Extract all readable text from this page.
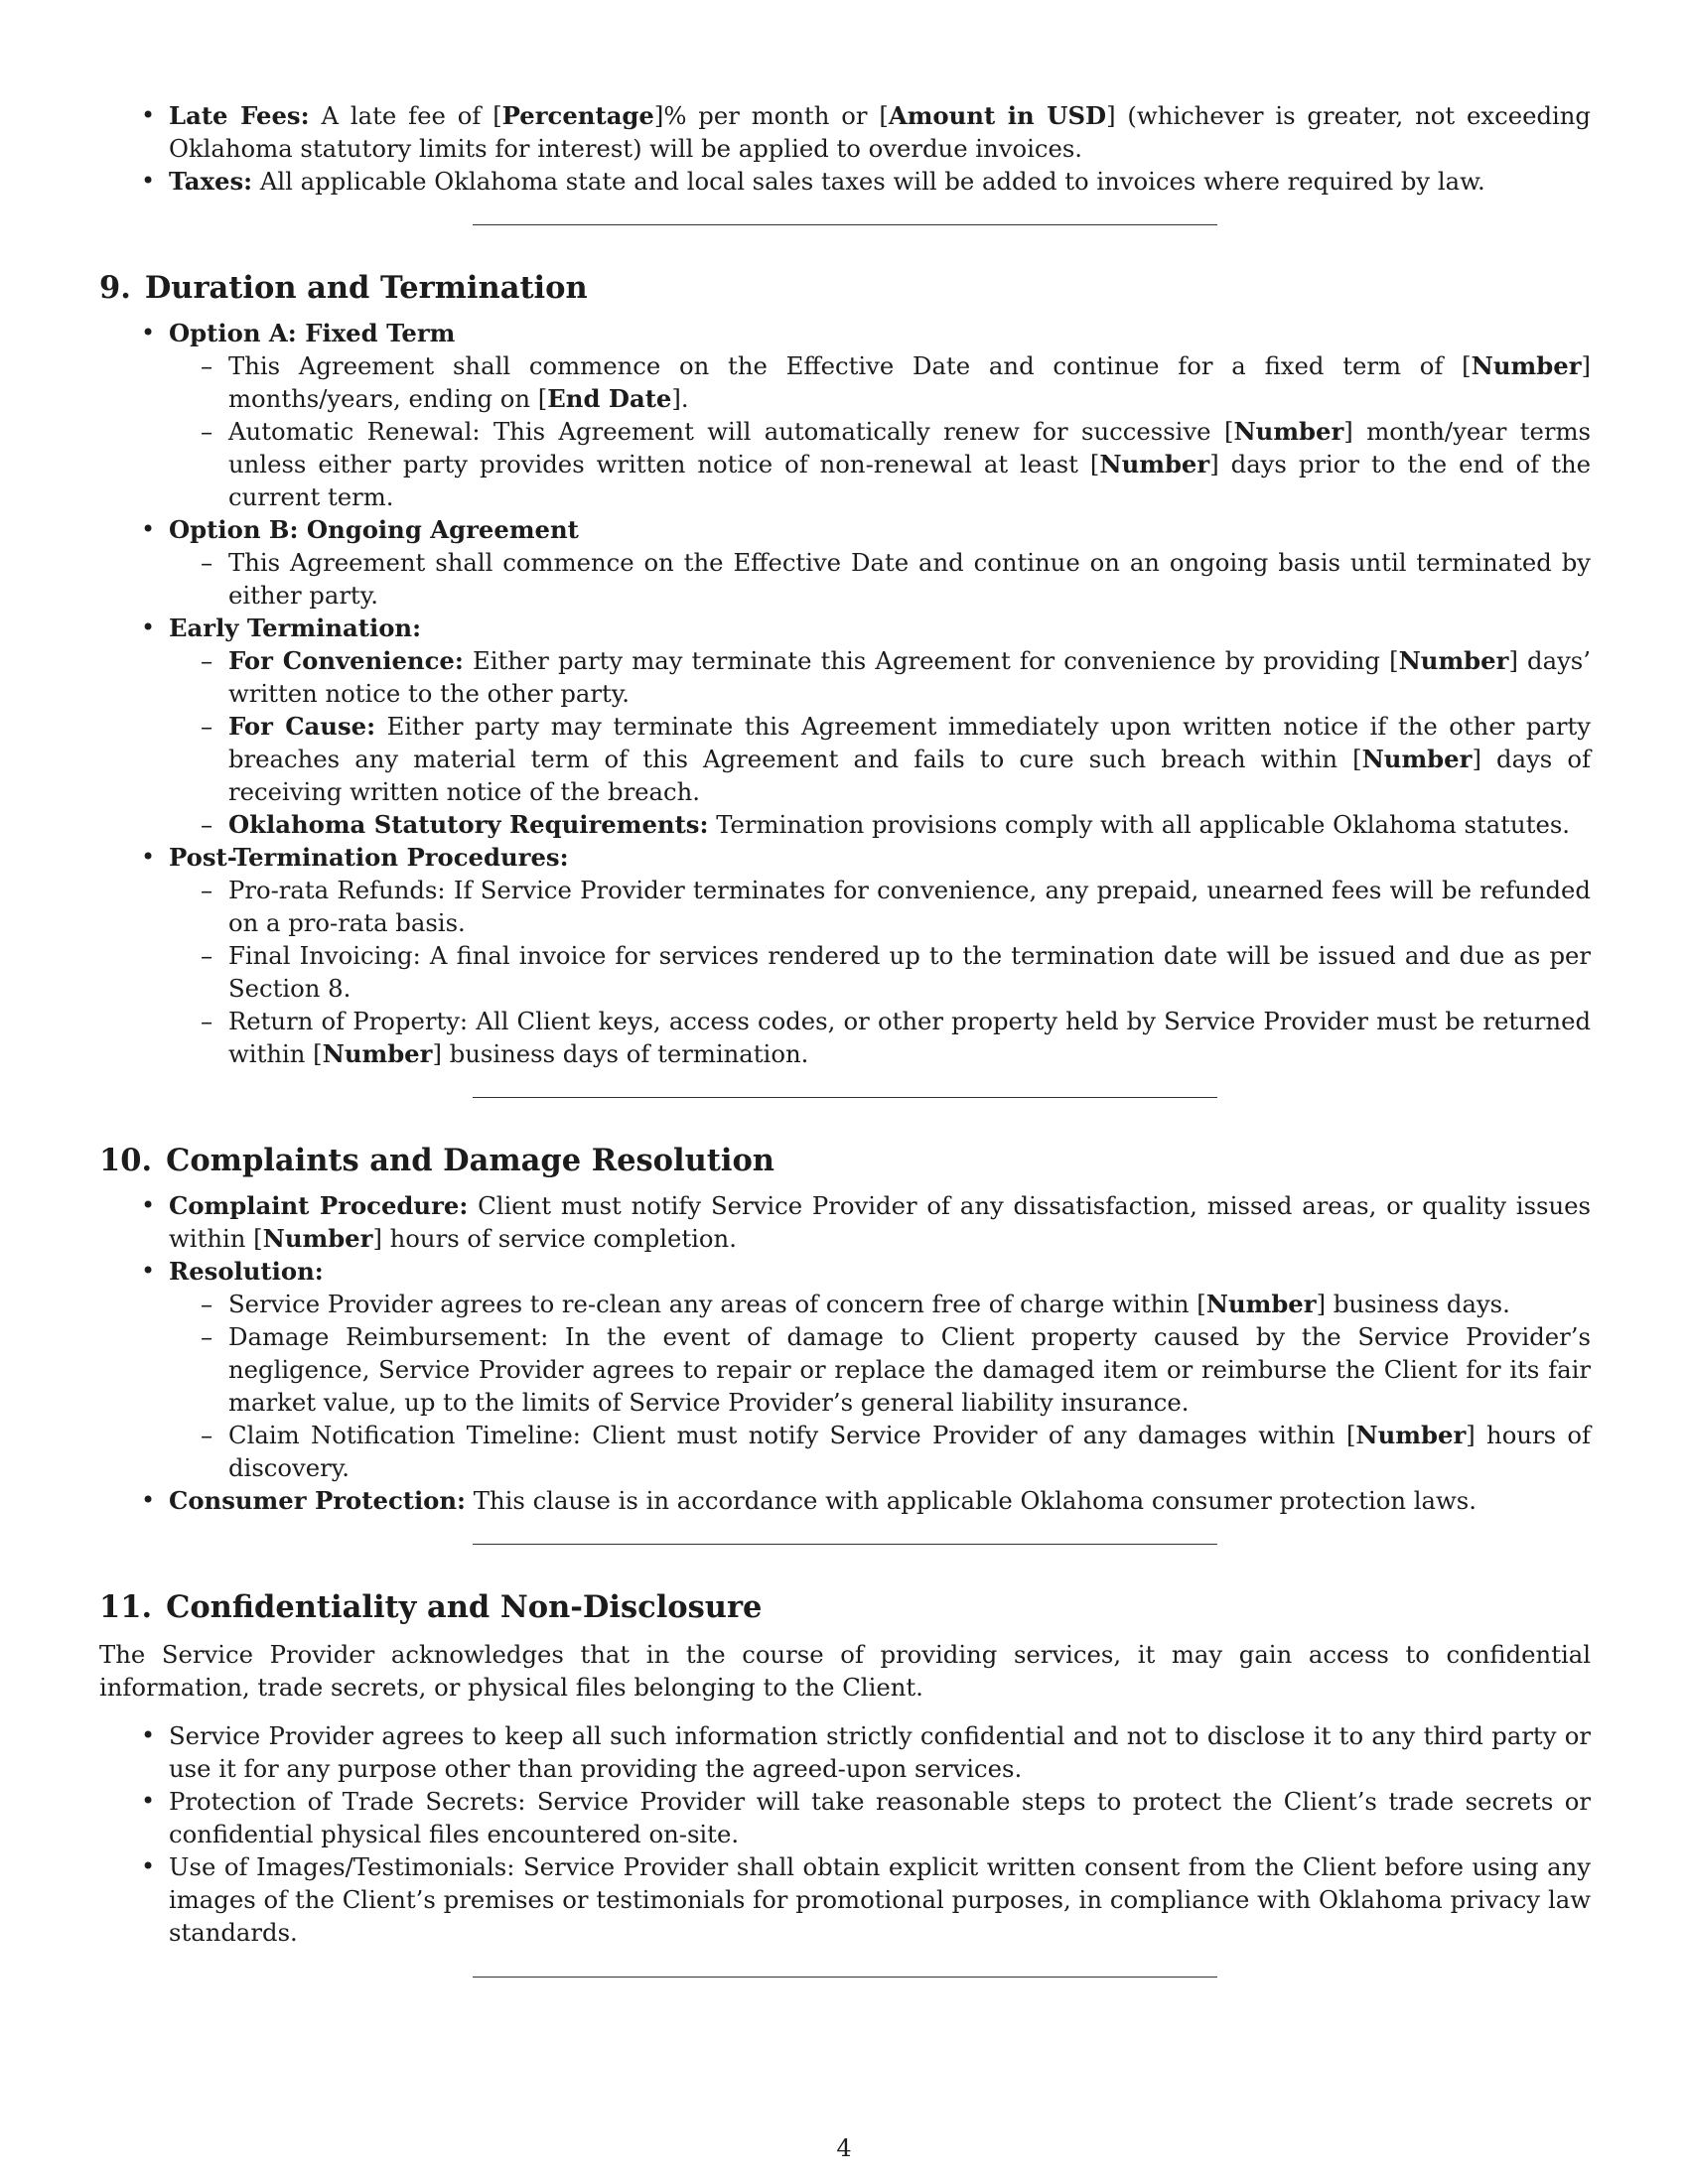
• Late Fees: A late fee of [Percentage]% per month or [Amount in USD] (whichever is greater, not exceeding Oklahoma statutory limits for interest) will be applied to overdue invoices.
• Taxes: All applicable Oklahoma state and local sales taxes will be added to invoices where required by law.
9. Duration and Termination
• Option A: Fixed Term
– This Agreement shall commence on the Effective Date and continue for a fixed term of [Number] months/years, ending on [End Date].
– Automatic Renewal: This Agreement will automatically renew for successive [Number] month/year terms unless either party provides written notice of non-renewal at least [Number] days prior to the end of the current term.
• Option B: Ongoing Agreement
– This Agreement shall commence on the Effective Date and continue on an ongoing basis until terminated by either party.
• Early Termination:
– For Convenience: Either party may terminate this Agreement for convenience by providing [Number] days’ written notice to the other party.
– For Cause: Either party may terminate this Agreement immediately upon written notice if the other party breaches any material term of this Agreement and fails to cure such breach within [Number] days of receiving written notice of the breach.
– Oklahoma Statutory Requirements: Termination provisions comply with all applicable Oklahoma statutes.
• Post-Termination Procedures:
– Pro-rata Refunds: If Service Provider terminates for convenience, any prepaid, unearned fees will be refunded on a pro-rata basis.
– Final Invoicing: A final invoice for services rendered up to the termination date will be issued and due as per Section 8.
– Return of Property: All Client keys, access codes, or other property held by Service Provider must be returned within [Number] business days of termination.
10. Complaints and Damage Resolution
• Complaint Procedure: Client must notify Service Provider of any dissatisfaction, missed areas, or quality issues within [Number] hours of service completion.
• Resolution:
– Service Provider agrees to re-clean any areas of concern free of charge within [Number] business days.
– Damage Reimbursement: In the event of damage to Client property caused by the Service Provider’s negligence, Service Provider agrees to repair or replace the damaged item or reimburse the Client for its fair market value, up to the limits of Service Provider’s general liability insurance.
– Claim Notification Timeline: Client must notify Service Provider of any damages within [Number] hours of discovery.
• Consumer Protection: This clause is in accordance with applicable Oklahoma consumer protection laws.
11. Confidentiality and Non-Disclosure

The Service Provider acknowledges that in the course of providing services, it may gain access to confidential information, trade secrets, or physical files belonging to the Client.

• Service Provider agrees to keep all such information strictly confidential and not to disclose it to any third party or use it for any purpose other than providing the agreed-upon services.
• Protection of Trade Secrets: Service Provider will take reasonable steps to protect the Client’s trade secrets or confidential physical files encountered on-site.
• Use of Images/Testimonials: Service Provider shall obtain explicit written consent from the Client before using any images of the Client’s premises or testimonials for promotional purposes, in compliance with Oklahoma privacy law standards.
4
